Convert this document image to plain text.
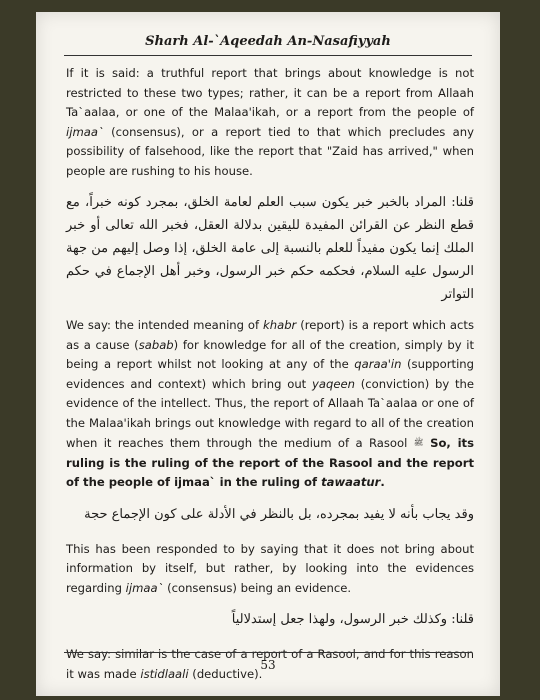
Sharh Al-`Aqeedah An-Nasafiyyah

If it is said: a truthful report that brings about knowledge is not restricted to these two types; rather, it can be a report from Allaah Ta`aalaa, or one of the Malaa'ikah, or a report from the people of ijmaa` (consensus), or a report tied to that which precludes any possibility of falsehood, like the report that "Zaid has arrived," when people are rushing to his house.

قلنا: المراد بالخبر خبر يكون سبب العلم لعامة الخلق، بمجرد كونه خبراً، مع قطع النظر عن القرائن المفيدة لليقين بدلالة العقل، فخبر الله تعالى أو خبر الملك إنما يكون مفيداً للعلم بالنسبة إلى عامة الخلق، إذا وصل إليهم من جهة الرسول عليه السلام، فحكمه حكم خبر الرسول، وخبر أهل الإجماع في حكم التواتر

We say: the intended meaning of khabr (report) is a report which acts as a cause (sabab) for knowledge for all of the creation, simply by it being a report whilst not looking at any of the qaraa'in (supporting evidences and context) which bring out yaqeen (conviction) by the evidence of the intellect. Thus, the report of Allaah Ta`aalaa or one of the Malaa'ikah brings out knowledge with regard to all of the creation when it reaches them through the medium of a Rasool ﷺ So, its ruling is the ruling of the report of the Rasool and the report of the people of ijmaa` in the ruling of tawaatur.

وقد يجاب بأنه لا يفيد بمجرده، بل بالنظر في الأدلة على كون الإجماع حجة

This has been responded to by saying that it does not bring about information by itself, but rather, by looking into the evidences regarding ijmaa` (consensus) being an evidence.

قلنا: وكذلك خبر الرسول، ولهذا جعل إستدلالياً

We say: similar is the case of a report of a Rasool, and for this reason it was made istidlaali (deductive).

53
